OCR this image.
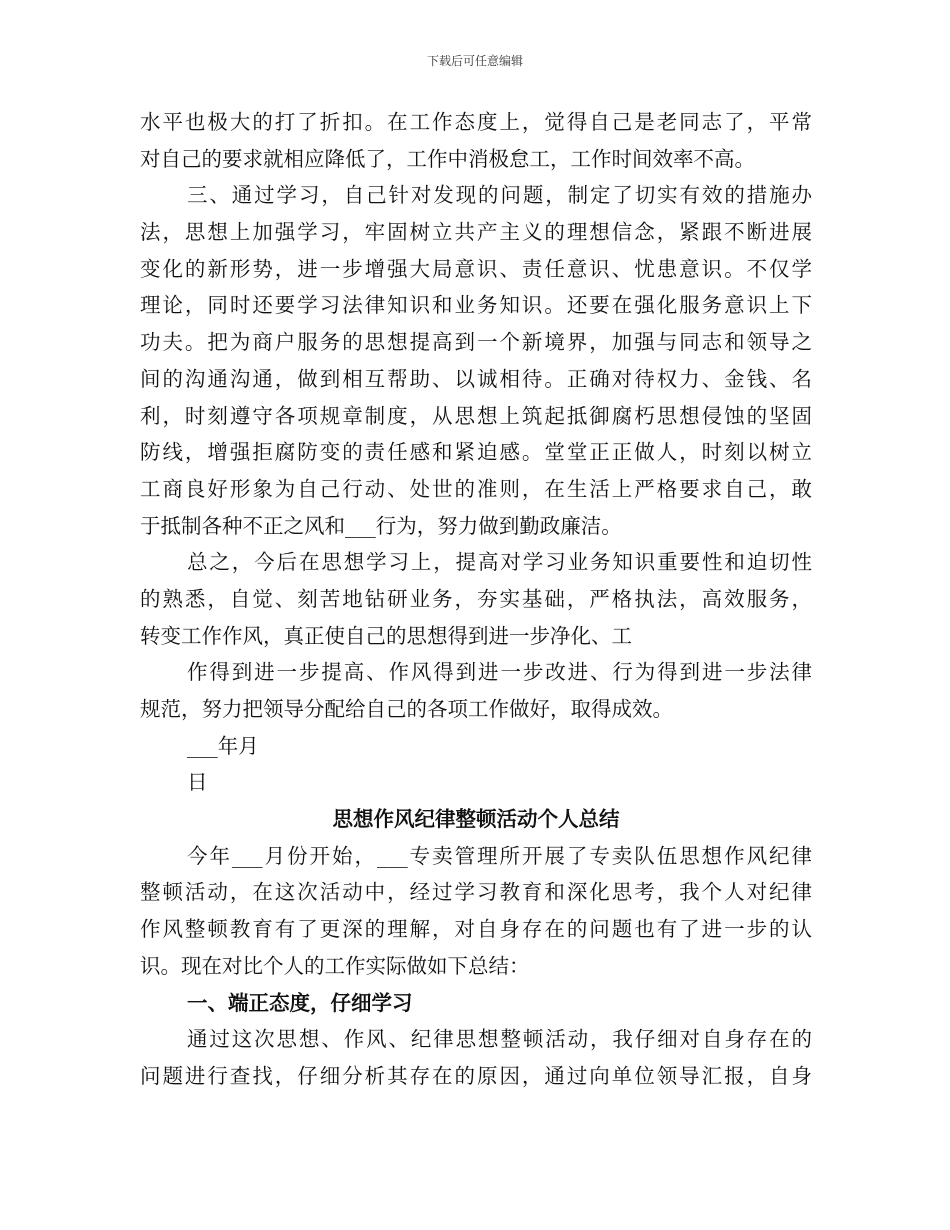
下载后可任意编辑
水平也极大的打了折扣。在工作态度上，觉得自己是老同志了，平常
对自己的要求就相应降低了，工作中消极怠工，工作时间效率不高。
三、通过学习，自己针对发现的问题，制定了切实有效的措施办
法，思想上加强学习，牢固树立共产主义的理想信念，紧跟不断进展
变化的新形势，进一步增强大局意识、责任意识、忧患意识。不仅学
理论，同时还要学习法律知识和业务知识。还要在强化服务意识上下
功夫。把为商户服务的思想提高到一个新境界，加强与同志和领导之
间的沟通沟通，做到相互帮助、以诚相待。正确对待权力、金钱、名
利，时刻遵守各项规章制度，从思想上筑起抵御腐朽思想侵蚀的坚固
防线，增强拒腐防变的责任感和紧迫感。堂堂正正做人，时刻以树立
工商良好形象为自己行动、处世的准则，在生活上严格要求自己，敢
于抵制各种不正之风和___行为，努力做到勤政廉洁。
总之，今后在思想学习上，提高对学习业务知识重要性和迫切性
的熟悉，自觉、刻苦地钻研业务，夯实基础，严格执法，高效服务，
转变工作作风，真正使自己的思想得到进一步净化、工
作得到进一步提高、作风得到进一步改进、行为得到进一步法律
规范，努力把领导分配给自己的各项工作做好，取得成效。
___年月
日
思想作风纪律整顿活动个人总结
今年___月份开始，___专卖管理所开展了专卖队伍思想作风纪律
整顿活动，在这次活动中，经过学习教育和深化思考，我个人对纪律
作风整顿教育有了更深的理解，对自身存在的问题也有了进一步的认
识。现在对比个人的工作实际做如下总结：
一、端正态度，仔细学习
通过这次思想、作风、纪律思想整顿活动，我仔细对自身存在的
问题进行查找，仔细分析其存在的原因，通过向单位领导汇报，自身
